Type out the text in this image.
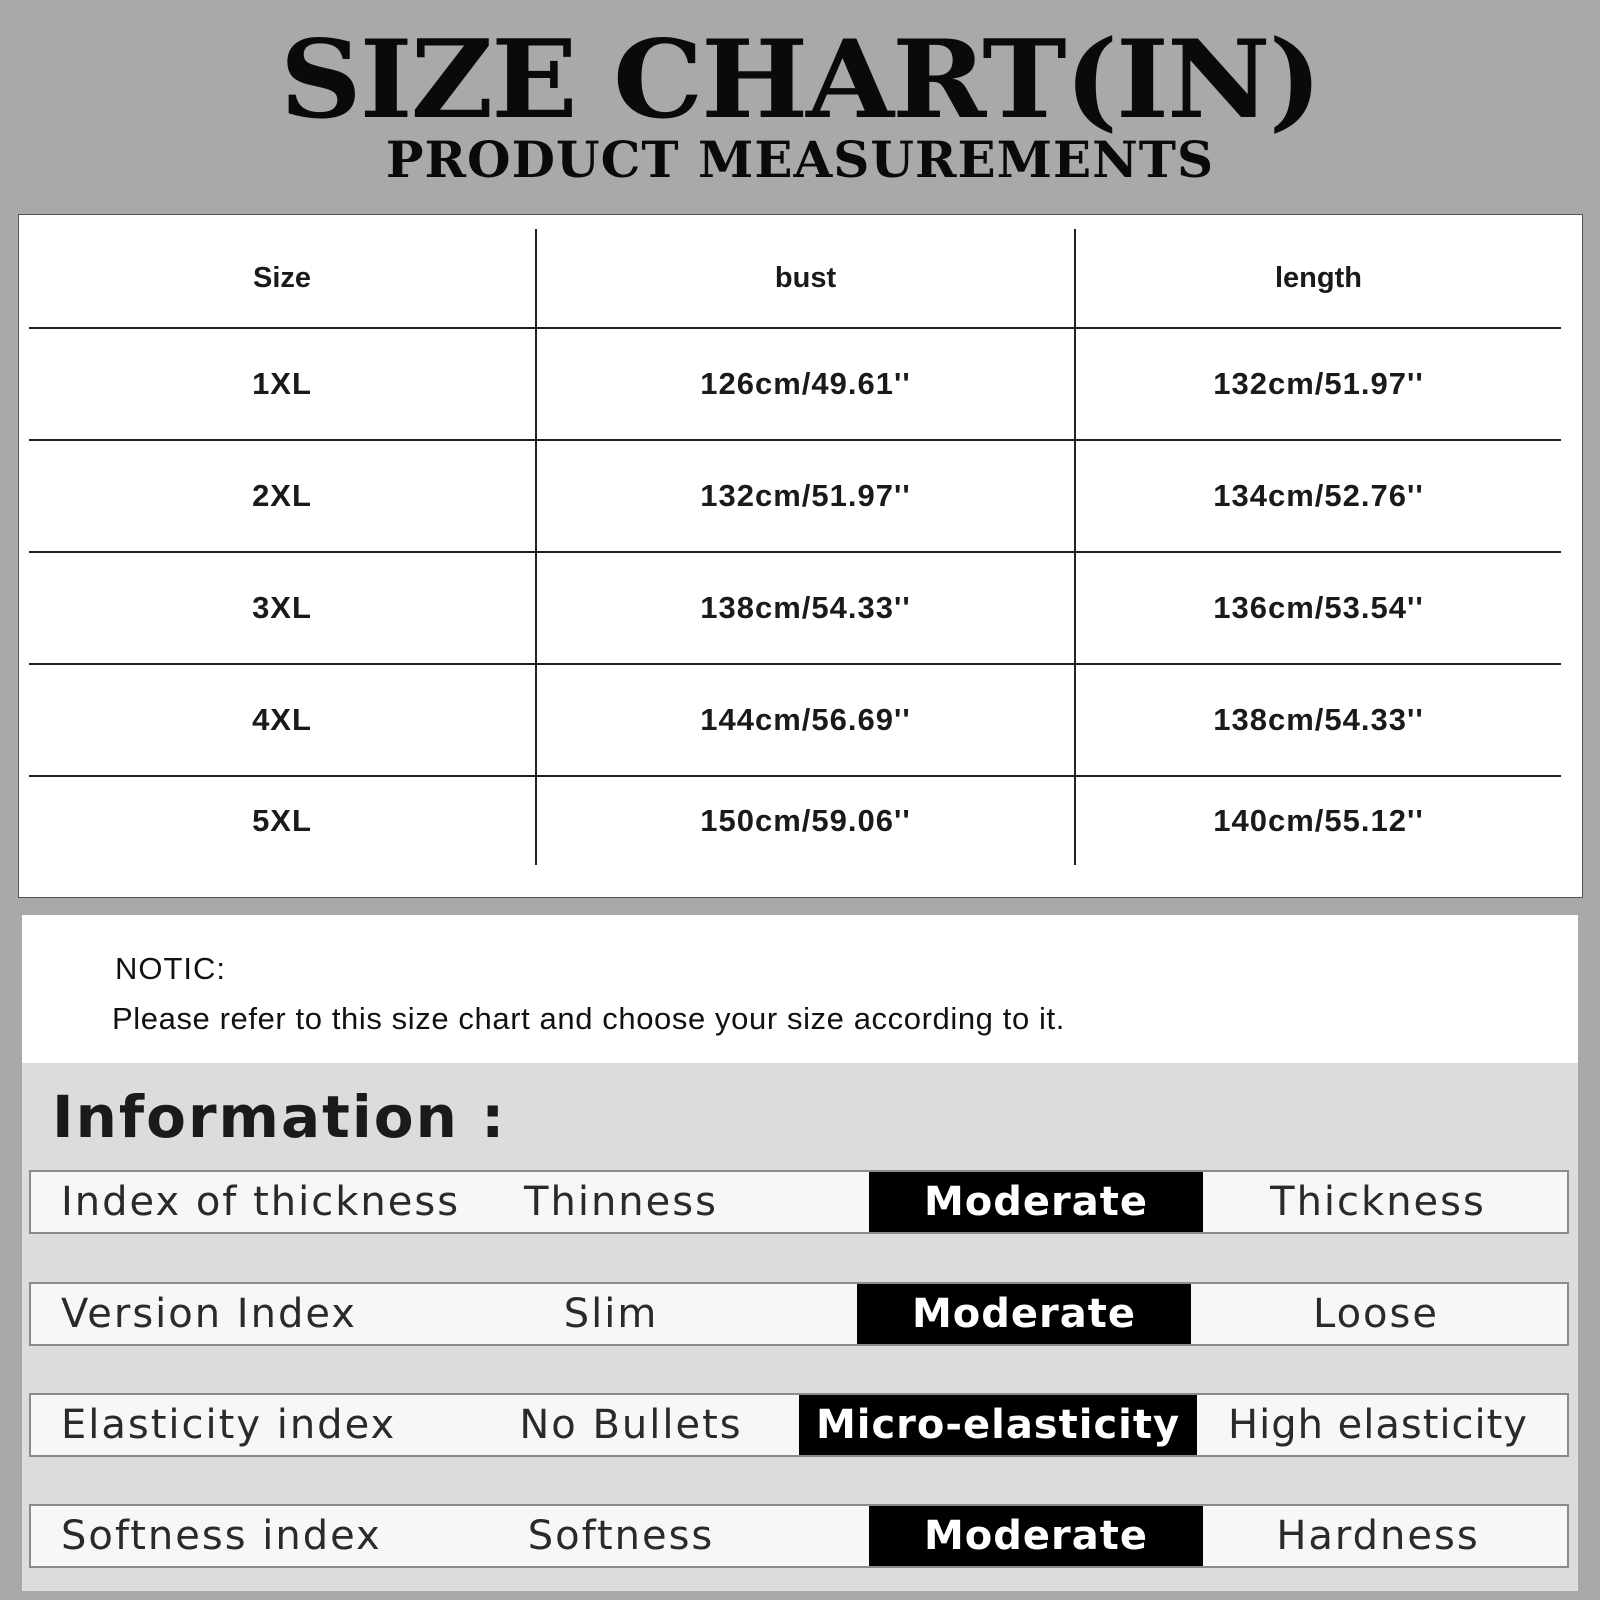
SIZE CHART(IN)
PRODUCT MEASUREMENTS
Size	bust	length
1XL	126cm/49.61''	132cm/51.97''
2XL	132cm/51.97''	134cm/52.76''
3XL	138cm/54.33''	136cm/53.54''
4XL	144cm/56.69''	138cm/54.33''
5XL	150cm/59.06''	140cm/55.12''
NOTIC:
Please refer to this size chart and choose your size according to it.
Information :
Index of thickness	Thinness	Moderate	Thickness
Version Index	Slim	Moderate	Loose
Elasticity index	No Bullets	Micro-elasticity	High elasticity
Softness index	Softness	Moderate	Hardness
